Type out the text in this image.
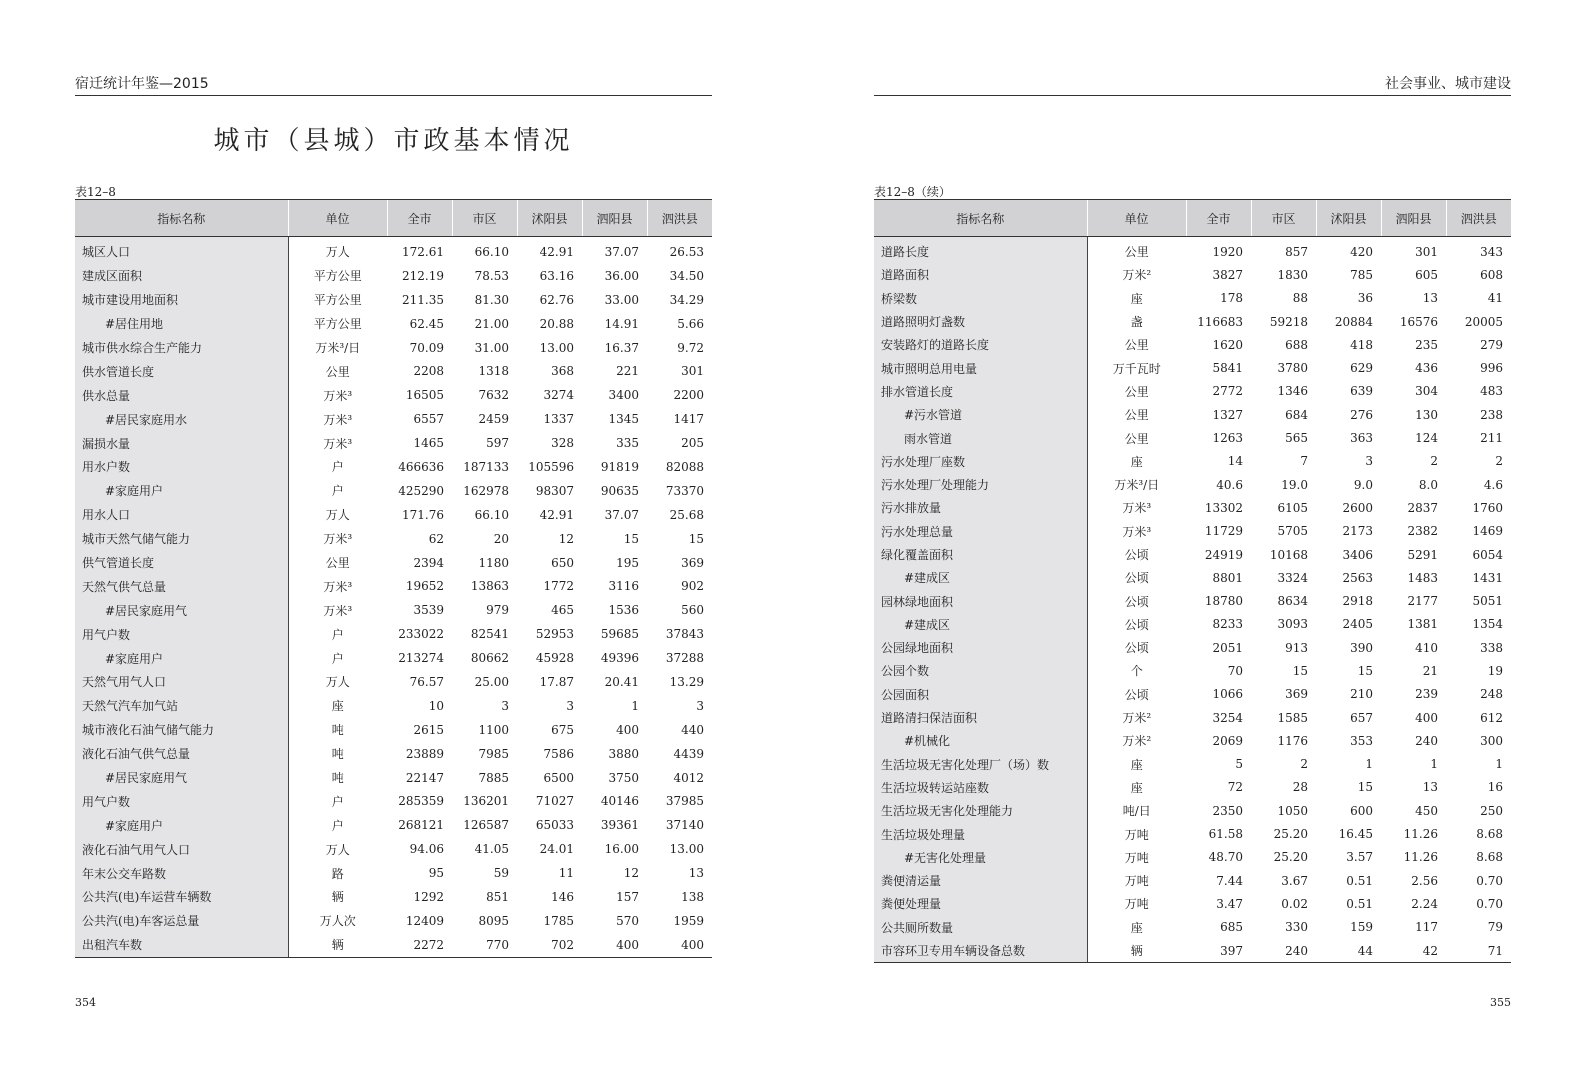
宿迁统计年鉴—2015
城市（县城）市政基本情况
表12–8
指标名称	单位	全市	市区	沭阳县	泗阳县	泗洪县
城区人口	万人	172.61	66.10	42.91	37.07	26.53
建成区面积	平方公里	212.19	78.53	63.16	36.00	34.50
城市建设用地面积	平方公里	211.35	81.30	62.76	33.00	34.29
#居住用地	平方公里	62.45	21.00	20.88	14.91	5.66
城市供水综合生产能力	万米³/日	70.09	31.00	13.00	16.37	9.72
供水管道长度	公里	2208	1318	368	221	301
供水总量	万米³	16505	7632	3274	3400	2200
#居民家庭用水	万米³	6557	2459	1337	1345	1417
漏损水量	万米³	1465	597	328	335	205
用水户数	户	466636	187133	105596	91819	82088
#家庭用户	户	425290	162978	98307	90635	73370
用水人口	万人	171.76	66.10	42.91	37.07	25.68
城市天然气储气能力	万米³	62	20	12	15	15
供气管道长度	公里	2394	1180	650	195	369
天然气供气总量	万米³	19652	13863	1772	3116	902
#居民家庭用气	万米³	3539	979	465	1536	560
用气户数	户	233022	82541	52953	59685	37843
#家庭用户	户	213274	80662	45928	49396	37288
天然气用气人口	万人	76.57	25.00	17.87	20.41	13.29
天然气汽车加气站	座	10	3	3	1	3
城市液化石油气储气能力	吨	2615	1100	675	400	440
液化石油气供气总量	吨	23889	7985	7586	3880	4439
#居民家庭用气	吨	22147	7885	6500	3750	4012
用气户数	户	285359	136201	71027	40146	37985
#家庭用户	户	268121	126587	65033	39361	37140
液化石油气用气人口	万人	94.06	41.05	24.01	16.00	13.00
年末公交车路数	路	95	59	11	12	13
公共汽(电)车运营车辆数	辆	1292	851	146	157	138
公共汽(电)车客运总量	万人次	12409	8095	1785	570	1959
出租汽车数	辆	2272	770	702	400	400
354
社会事业、城市建设
表12–8（续）
指标名称	单位	全市	市区	沭阳县	泗阳县	泗洪县
道路长度	公里	1920	857	420	301	343
道路面积	万米²	3827	1830	785	605	608
桥梁数	座	178	88	36	13	41
道路照明灯盏数	盏	116683	59218	20884	16576	20005
安装路灯的道路长度	公里	1620	688	418	235	279
城市照明总用电量	万千瓦时	5841	3780	629	436	996
排水管道长度	公里	2772	1346	639	304	483
#污水管道	公里	1327	684	276	130	238
雨水管道	公里	1263	565	363	124	211
污水处理厂座数	座	14	7	3	2	2
污水处理厂处理能力	万米³/日	40.6	19.0	9.0	8.0	4.6
污水排放量	万米³	13302	6105	2600	2837	1760
污水处理总量	万米³	11729	5705	2173	2382	1469
绿化覆盖面积	公顷	24919	10168	3406	5291	6054
#建成区	公顷	8801	3324	2563	1483	1431
园林绿地面积	公顷	18780	8634	2918	2177	5051
#建成区	公顷	8233	3093	2405	1381	1354
公园绿地面积	公顷	2051	913	390	410	338
公园个数	个	70	15	15	21	19
公园面积	公顷	1066	369	210	239	248
道路清扫保洁面积	万米²	3254	1585	657	400	612
#机械化	万米²	2069	1176	353	240	300
生活垃圾无害化处理厂（场）数	座	5	2	1	1	1
生活垃圾转运站座数	座	72	28	15	13	16
生活垃圾无害化处理能力	吨/日	2350	1050	600	450	250
生活垃圾处理量	万吨	61.58	25.20	16.45	11.26	8.68
#无害化处理量	万吨	48.70	25.20	3.57	11.26	8.68
粪便清运量	万吨	7.44	3.67	0.51	2.56	0.70
粪便处理量	万吨	3.47	0.02	0.51	2.24	0.70
公共厕所数量	座	685	330	159	117	79
市容环卫专用车辆设备总数	辆	397	240	44	42	71
355
